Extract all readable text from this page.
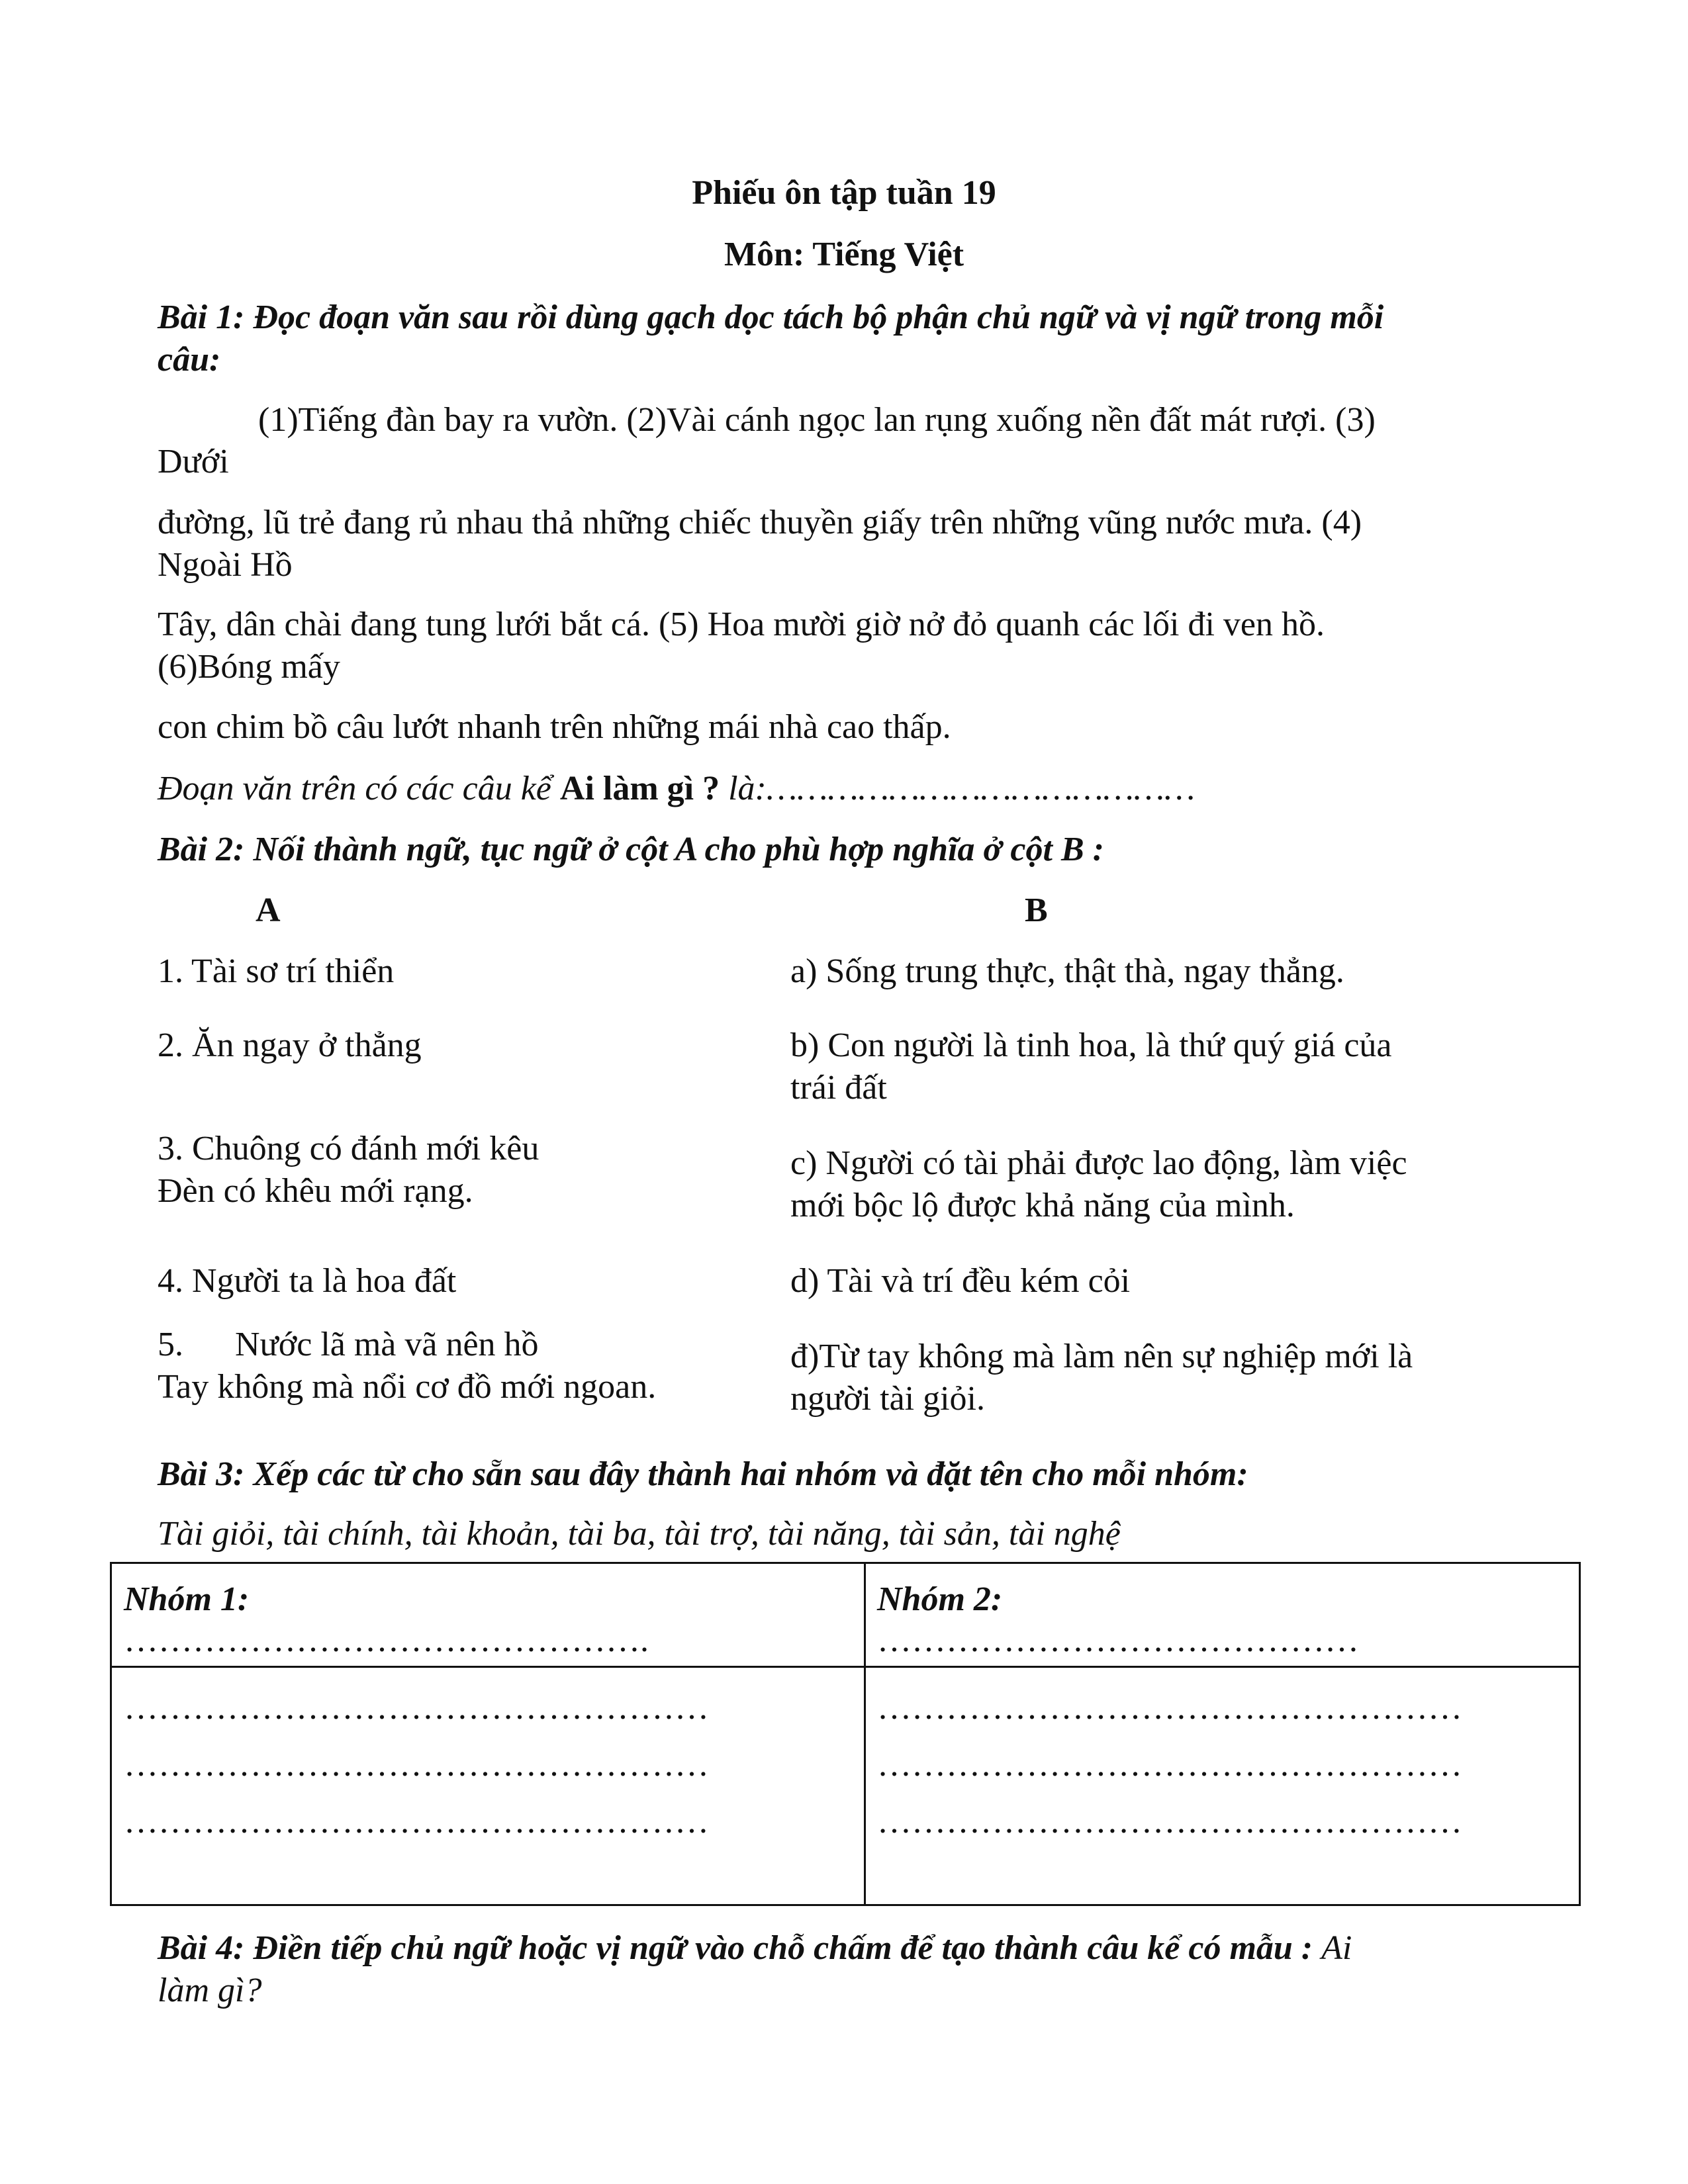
Phiếu ôn tập tuần 19
Môn: Tiếng Việt
Bài 1: Đọc đoạn văn sau rồi dùng gạch dọc tách bộ phận chủ ngữ và vị ngữ trong mỗi
câu:
(1)Tiếng đàn bay ra vườn. (2)Vài cánh ngọc lan rụng xuống nền đất mát rượi. (3)
Dưới
đường, lũ trẻ đang rủ nhau thả những chiếc thuyền giấy trên những vũng nước mưa. (4)
Ngoài Hồ
Tây, dân chài đang tung lưới bắt cá. (5) Hoa mười giờ nở đỏ quanh các lối đi ven hồ.
(6)Bóng mấy
con chim bồ câu lướt nhanh trên những mái nhà cao thấp.
Đoạn văn trên có các câu kể Ai làm gì ? là:……………………………………
Bài 2: Nối thành ngữ, tục ngữ ở cột A cho phù hợp nghĩa ở cột B :
A	B
1. Tài sơ trí thiển
2. Ăn ngay ở thẳng
3. Chuông có đánh mới kêu
Đèn có khêu mới rạng.
4. Người ta là hoa đất
5.      Nước lã mà vã nên hồ
Tay không mà nổi cơ đồ mới ngoan.
a) Sống trung thực, thật thà, ngay thẳng.
b) Con người là tinh hoa, là thứ quý giá của
trái đất
c) Người có tài phải được lao động, làm việc
mới bộc lộ được khả năng của mình.
d) Tài và trí đều kém cỏi
đ)Từ tay không mà làm nên sự nghiệp mới là
người tài giỏi.
Bài 3: Xếp các từ cho sẵn sau đây thành hai nhóm và đặt tên cho mỗi nhóm:
Tài giỏi, tài chính, tài khoản, tài ba, tài trợ, tài năng, tài sản, tài nghệ
Nhóm 1:
……………………………………….
Nhóm 2:
……………………………………
……………………………………………
……………………………………………
……………………………………………
……………………………………………
……………………………………………
……………………………………………
Bài 4: Điền tiếp chủ ngữ hoặc vị ngữ vào chỗ chấm để tạo thành câu kể có mẫu : Ai
làm gì?
